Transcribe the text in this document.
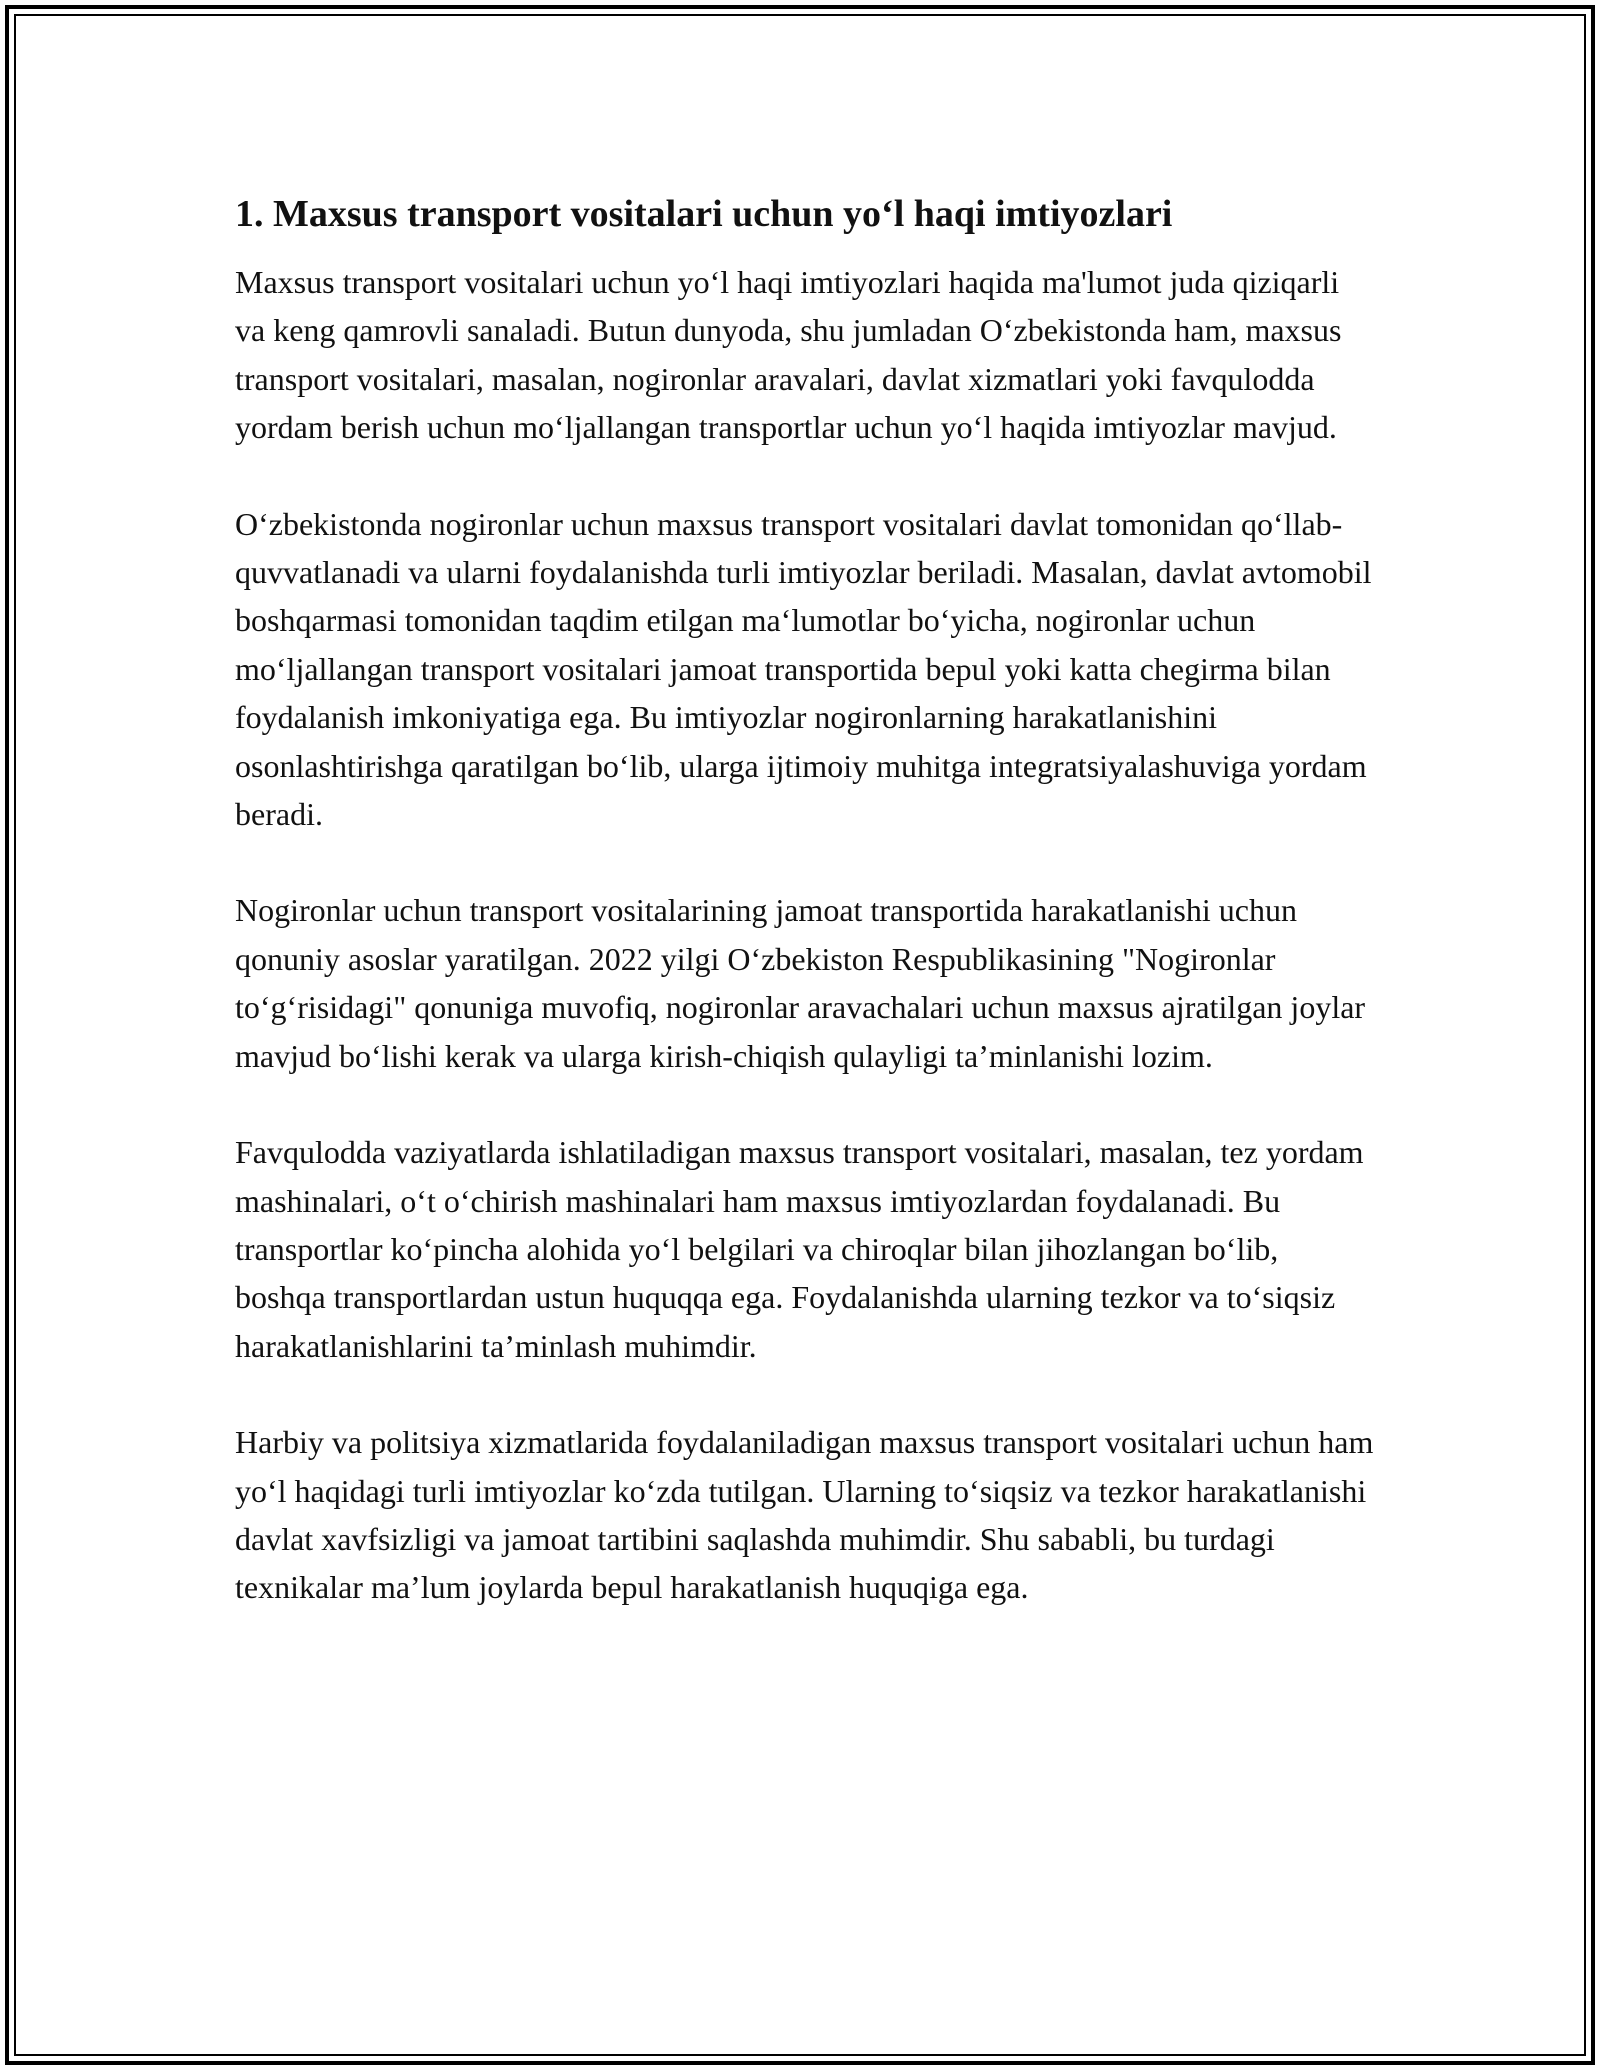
1. Maxsus transport vositalari uchun yo‘l haqi imtiyozlari

Maxsus transport vositalari uchun yo‘l haqi imtiyozlari haqida ma'lumot juda qiziqarli va keng qamrovli sanaladi. Butun dunyoda, shu jumladan O‘zbekistonda ham, maxsus transport vositalari, masalan, nogironlar aravalari, davlat xizmatlari yoki favqulodda yordam berish uchun mo‘ljallangan transportlar uchun yo‘l haqida imtiyozlar mavjud.

O‘zbekistonda nogironlar uchun maxsus transport vositalari davlat tomonidan qo‘llab-quvvatlanadi va ularni foydalanishda turli imtiyozlar beriladi. Masalan, davlat avtomobil boshqarmasi tomonidan taqdim etilgan ma‘lumotlar bo‘yicha, nogironlar uchun mo‘ljallangan transport vositalari jamoat transportida bepul yoki katta chegirma bilan foydalanish imkoniyatiga ega. Bu imtiyozlar nogironlarning harakatlanishini osonlashtirishga qaratilgan bo‘lib, ularga ijtimoiy muhitga integratsiyalashuviga yordam beradi.

Nogironlar uchun transport vositalarining jamoat transportida harakatlanishi uchun qonuniy asoslar yaratilgan. 2022 yilgi O‘zbekiston Respublikasining "Nogironlar to‘g‘risidagi" qonuniga muvofiq, nogironlar aravachalari uchun maxsus ajratilgan joylar mavjud bo‘lishi kerak va ularga kirish-chiqish qulayligi ta’minlanishi lozim.

Favqulodda vaziyatlarda ishlatiladigan maxsus transport vositalari, masalan, tez yordam mashinalari, o‘t o‘chirish mashinalari ham maxsus imtiyozlardan foydalanadi. Bu transportlar ko‘pincha alohida yo‘l belgilari va chiroqlar bilan jihozlangan bo‘lib, boshqa transportlardan ustun huquqqa ega. Foydalanishda ularning tezkor va to‘siqsiz harakatlanishlarini ta’minlash muhimdir.

Harbiy va politsiya xizmatlarida foydalaniladigan maxsus transport vositalari uchun ham yo‘l haqidagi turli imtiyozlar ko‘zda tutilgan. Ularning to‘siqsiz va tezkor harakatlanishi davlat xavfsizligi va jamoat tartibini saqlashda muhimdir. Shu sababli, bu turdagi texnikalar ma’lum joylarda bepul harakatlanish huquqiga ega.
